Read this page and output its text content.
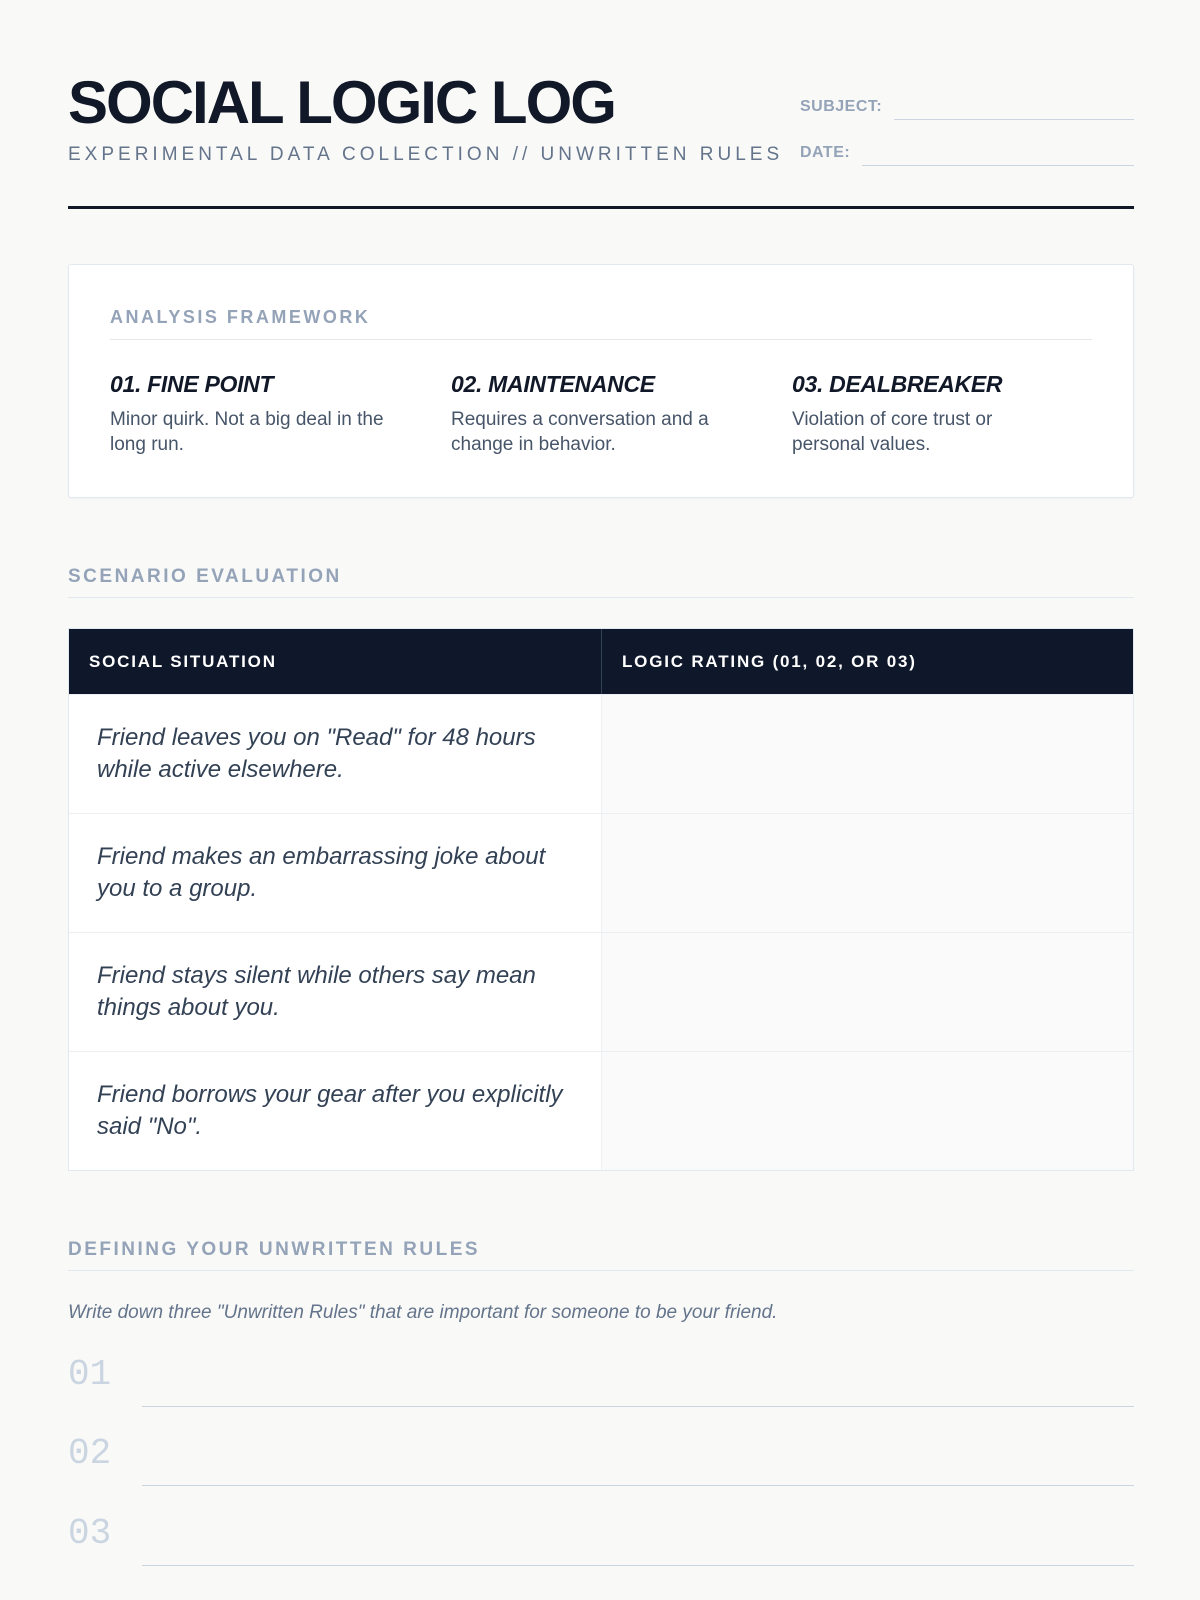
SOCIAL LOGIC LOG
EXPERIMENTAL DATA COLLECTION // UNWRITTEN RULES
SUBJECT:
DATE:
ANALYSIS FRAMEWORK
01. FINE POINT
Minor quirk. Not a big deal in the long run.
02. MAINTENANCE
Requires a conversation and a change in behavior.
03. DEALBREAKER
Violation of core trust or personal values.
SCENARIO EVALUATION
SOCIAL SITUATION	LOGIC RATING (01, 02, OR 03)
Friend leaves you on "Read" for 48 hours while active elsewhere.
Friend makes an embarrassing joke about you to a group.
Friend stays silent while others say mean things about you.
Friend borrows your gear after you explicitly said "No".
DEFINING YOUR UNWRITTEN RULES
Write down three "Unwritten Rules" that are important for someone to be your friend.
01
02
03
